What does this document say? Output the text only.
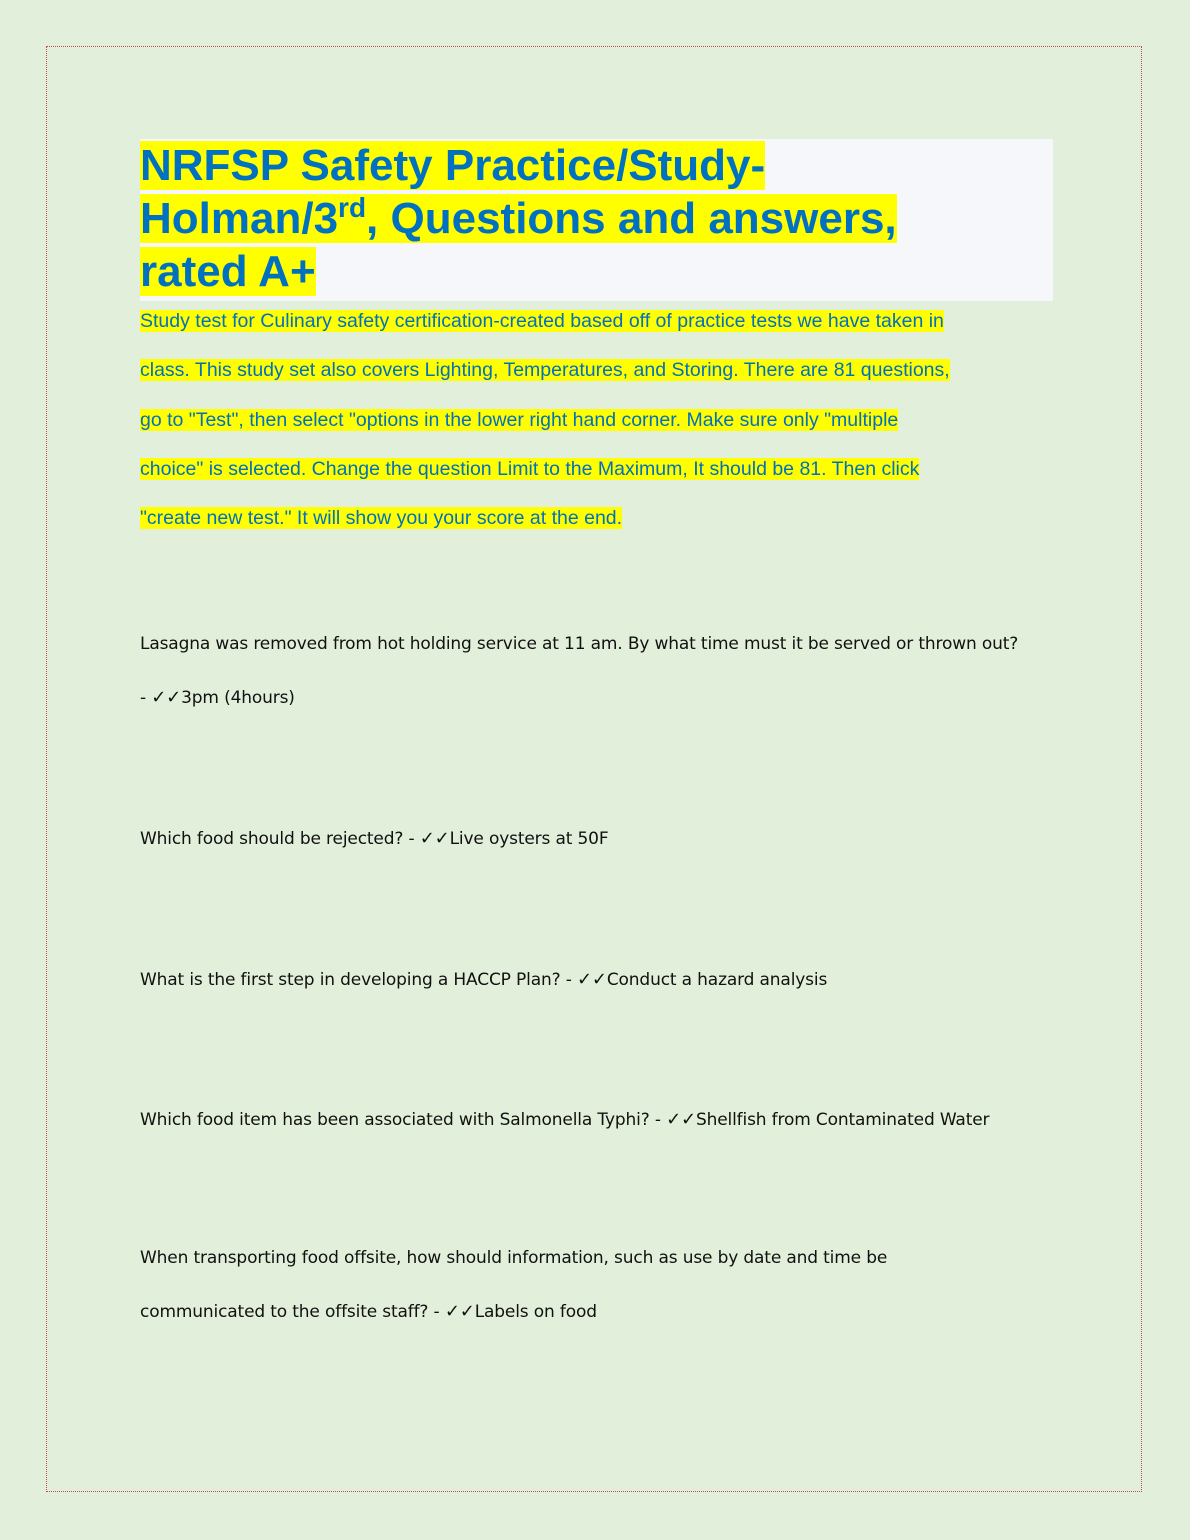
NRFSP Safety Practice/Study-
Holman/3rd, Questions and answers,
rated A+

Study test for Culinary safety certification-created based off of practice tests we have taken in
class. This study set also covers Lighting, Temperatures, and Storing. There are 81 questions,
go to "Test", then select "options in the lower right hand corner. Make sure only "multiple
choice" is selected. Change the question Limit to the Maximum, It should be 81. Then click
"create new test." It will show you your score at the end.

Lasagna was removed from hot holding service at 11 am. By what time must it be served or thrown out?
- ✓✓3pm (4hours)

Which food should be rejected? - ✓✓Live oysters at 50F

What is the first step in developing a HACCP Plan? - ✓✓Conduct a hazard analysis

Which food item has been associated with Salmonella Typhi? - ✓✓Shellfish from Contaminated Water

When transporting food offsite, how should information, such as use by date and time be
communicated to the offsite staff? - ✓✓Labels on food
